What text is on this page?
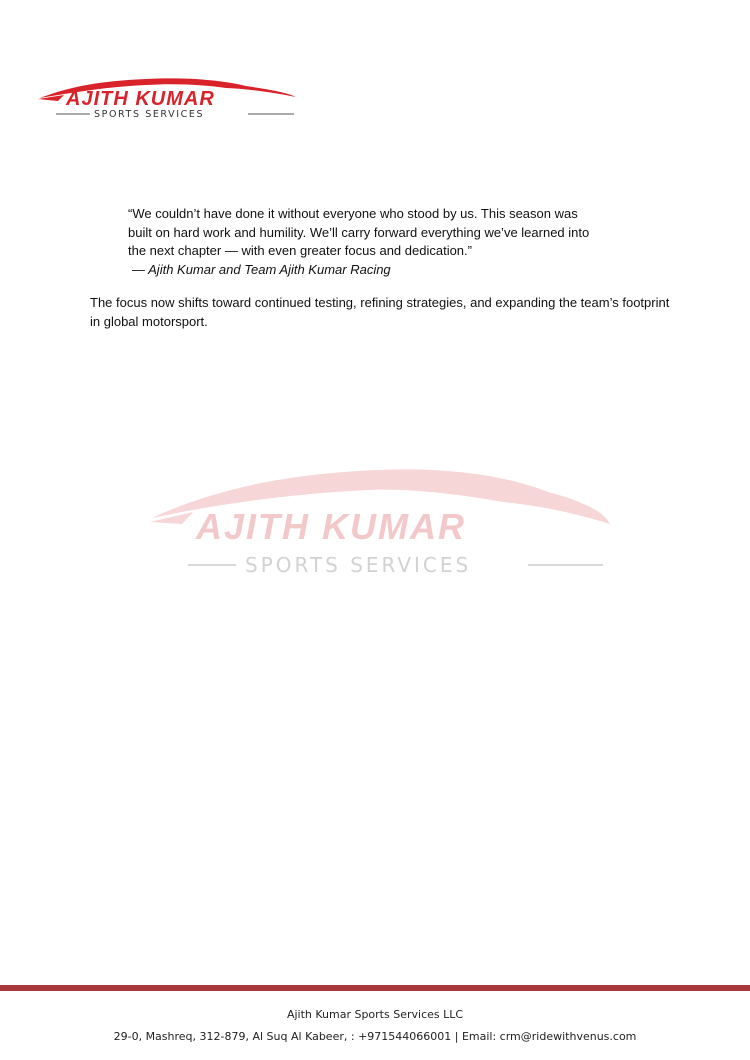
AJITH KUMAR
SPORTS SERVICES

“We couldn’t have done it without everyone who stood by us. This season was

built on hard work and humility. We’ll carry forward everything we’ve learned into

the next chapter — with even greater focus and dedication.”

— Ajith Kumar and Team Ajith Kumar Racing

The focus now shifts toward continued testing, refining strategies, and expanding the team’s footprint in global motorsport.

AJITH KUMAR
SPORTS SERVICES
Ajith Kumar Sports Services LLC
29-0, Mashreq, 312-879, Al Suq Al Kabeer, : +971544066001 | Email: crm@ridewithvenus.com
